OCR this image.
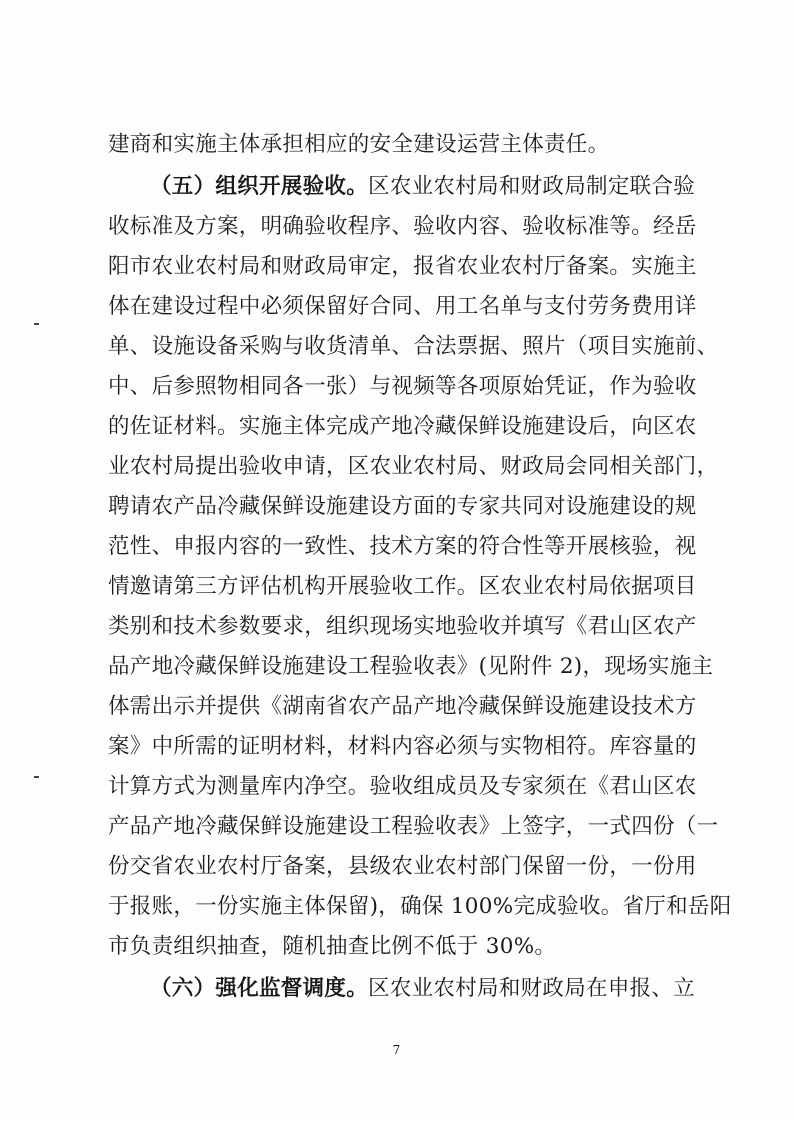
建商和实施主体承担相应的安全建设运营主体责任。
（五）组织开展验收。区农业农村局和财政局制定联合验
收标准及方案，明确验收程序、验收内容、验收标准等。经岳
阳市农业农村局和财政局审定，报省农业农村厅备案。实施主
体在建设过程中必须保留好合同、用工名单与支付劳务费用详
单、设施设备采购与收货清单、合法票据、照片（项目实施前、
中、后参照物相同各一张）与视频等各项原始凭证，作为验收
的佐证材料。实施主体完成产地冷藏保鲜设施建设后，向区农
业农村局提出验收申请，区农业农村局、财政局会同相关部门，
聘请农产品冷藏保鲜设施建设方面的专家共同对设施建设的规
范性、申报内容的一致性、技术方案的符合性等开展核验，视
情邀请第三方评估机构开展验收工作。区农业农村局依据项目
类别和技术参数要求，组织现场实地验收并填写《君山区农产
品产地冷藏保鲜设施建设工程验收表》(见附件 2)，现场实施主
体需出示并提供《湖南省农产品产地冷藏保鲜设施建设技术方
案》中所需的证明材料，材料内容必须与实物相符。库容量的
计算方式为测量库内净空。验收组成员及专家须在《君山区农
产品产地冷藏保鲜设施建设工程验收表》上签字，一式四份（一
份交省农业农村厅备案，县级农业农村部门保留一份，一份用
于报账，一份实施主体保留)，确保 100%完成验收。省厅和岳阳
市负责组织抽查，随机抽查比例不低于 30%。
（六）强化监督调度。区农业农村局和财政局在申报、立
7
